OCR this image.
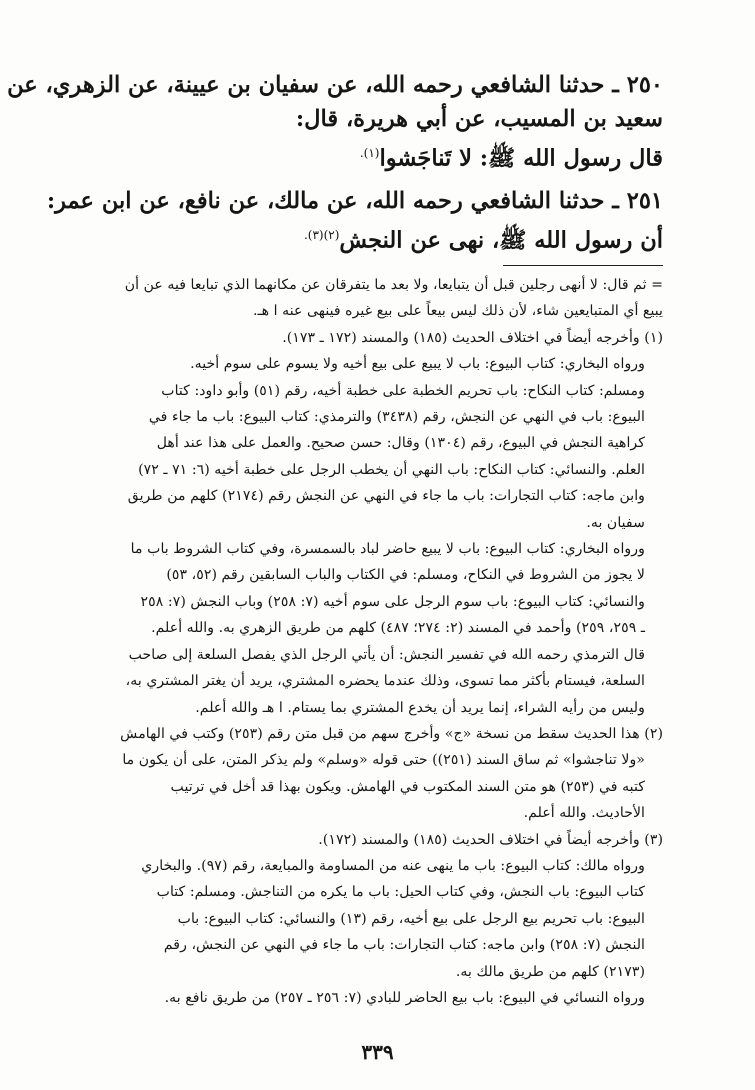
٢٥٠ ـ حدثنا الشافعي رحمه الله، عن سفيان بن عيينة، عن الزهري، عن
سعيد بن المسيب، عن أبي هريرة، قال:
قال رسول الله ﷺ: لا تَناجَشوا$^{(١).}$
٢٥١ ـ حدثنا الشافعي رحمه الله، عن مالك، عن نافع، عن ابن عمر:
أن رسول الله ﷺ، نهى عن النجش$^{(٢)(٣).}$
= ثم قال: لا أنهى رجلين قبل أن يتبايعا، ولا بعد ما يتفرقان عن مكانهما الذي تبايعا فيه عن أن
يبيع أي المتبايعين شاء، لأن ذلك ليس بيعاً على بيع غيره فينهى عنه ا هـ.
(١) وأخرجه أيضاً في اختلاف الحديث (١٨٥) والمسند (١٧٢ ـ ١٧٣).
ورواه البخاري: كتاب البيوع: باب لا يبيع على بيع أخيه ولا يسوم على سوم أخيه.
ومسلم: كتاب النكاح: باب تحريم الخطبة على خطبة أخيه، رقم (٥١) وأبو داود: كتاب
البيوع: باب في النهي عن النجش، رقم (٣٤٣٨) والترمذي: كتاب البيوع: باب ما جاء في
كراهية النجش في البيوع، رقم (١٣٠٤) وقال: حسن صحيح. والعمل على هذا عند أهل
العلم. والنسائي: كتاب النكاح: باب النهي أن يخطب الرجل على خطبة أخيه (٦: ٧١ ـ ٧٢)
وابن ماجه: كتاب التجارات: باب ما جاء في النهي عن النجش رقم (٢١٧٤) كلهم من طريق
سفيان به.
ورواه البخاري: كتاب البيوع: باب لا يبيع حاضر لباد بالسمسرة، وفي كتاب الشروط باب ما
لا يجوز من الشروط في النكاح، ومسلم: في الكتاب والباب السابقين رقم (٥٢، ٥٣)
والنسائي: كتاب البيوع: باب سوم الرجل على سوم أخيه (٧: ٢٥٨) وباب النجش (٧: ٢٥٨
ـ ٢٥٩، ٢٥٩) وأحمد في المسند (٢: ٢٧٤؛ ٤٨٧) كلهم من طريق الزهري به. والله أعلم.
قال الترمذي رحمه الله في تفسير النجش: أن يأتي الرجل الذي يفصل السلعة إلى صاحب
السلعة، فيستام بأكثر مما تسوى، وذلك عندما يحضره المشتري، يريد أن يغتر المشتري به،
وليس من رأيه الشراء، إنما يريد أن يخدع المشتري بما يستام. ا هـ والله أعلم.
(٢) هذا الحديث سقط من نسخة «ج» وأخرج سهم من قبل متن رقم (٢٥٣) وكتب في الهامش
«ولا تناجشوا» ثم ساق السند (٢٥١)) حتى قوله «وسلم» ولم يذكر المتن، على أن يكون ما
كتبه في (٢٥٣) هو متن السند المكتوب في الهامش. ويكون بهذا قد أخل في ترتيب
الأحاديث. والله أعلم.
(٣) وأخرجه أيضاً في اختلاف الحديث (١٨٥) والمسند (١٧٢).
ورواه مالك: كتاب البيوع: باب ما ينهى عنه من المساومة والمبايعة، رقم (٩٧). والبخاري
كتاب البيوع: باب النجش، وفي كتاب الحيل: باب ما يكره من التناجش. ومسلم: كتاب
البيوع: باب تحريم بيع الرجل على بيع أخيه، رقم (١٣) والنسائي: كتاب البيوع: باب
النجش (٧: ٢٥٨) وابن ماجه: كتاب التجارات: باب ما جاء في النهي عن النجش، رقم
(٢١٧٣) كلهم من طريق مالك به.
ورواه النسائي في البيوع: باب بيع الحاضر للبادي (٧: ٢٥٦ ـ ٢٥٧) من طريق نافع به.
٣٣٩
